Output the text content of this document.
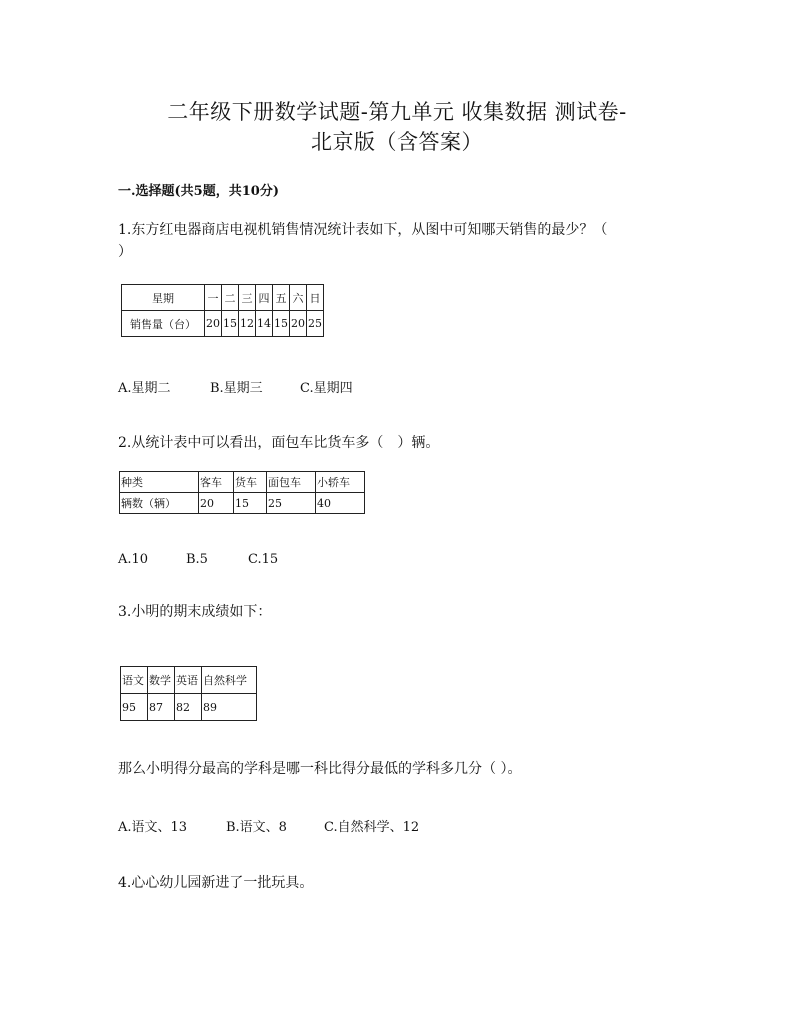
二年级下册数学试题-第九单元 收集数据 测试卷-
北京版（含答案）
一.选择题(共5题，共10分)
1.东方红电器商店电视机销售情况统计表如下，从图中可知哪天销售的最少？（
）
星期	一	二	三	四	五	六	日
销售量（台）	20	15	12	14	15	20	25
A.星期二	B.星期三	C.星期四
2.从统计表中可以看出，面包车比货车多（　）辆。
种类	客车	货车	面包车	小轿车
辆数（辆）	20	15	25	40
A.10	B.5	C.15
3.小明的期末成绩如下：
语文	数学	英语	自然科学
95	87	82	89
那么小明得分最高的学科是哪一科比得分最低的学科多几分（ ）。
A.语文、13	B.语文、8	C.自然科学、12
4.心心幼儿园新进了一批玩具。
